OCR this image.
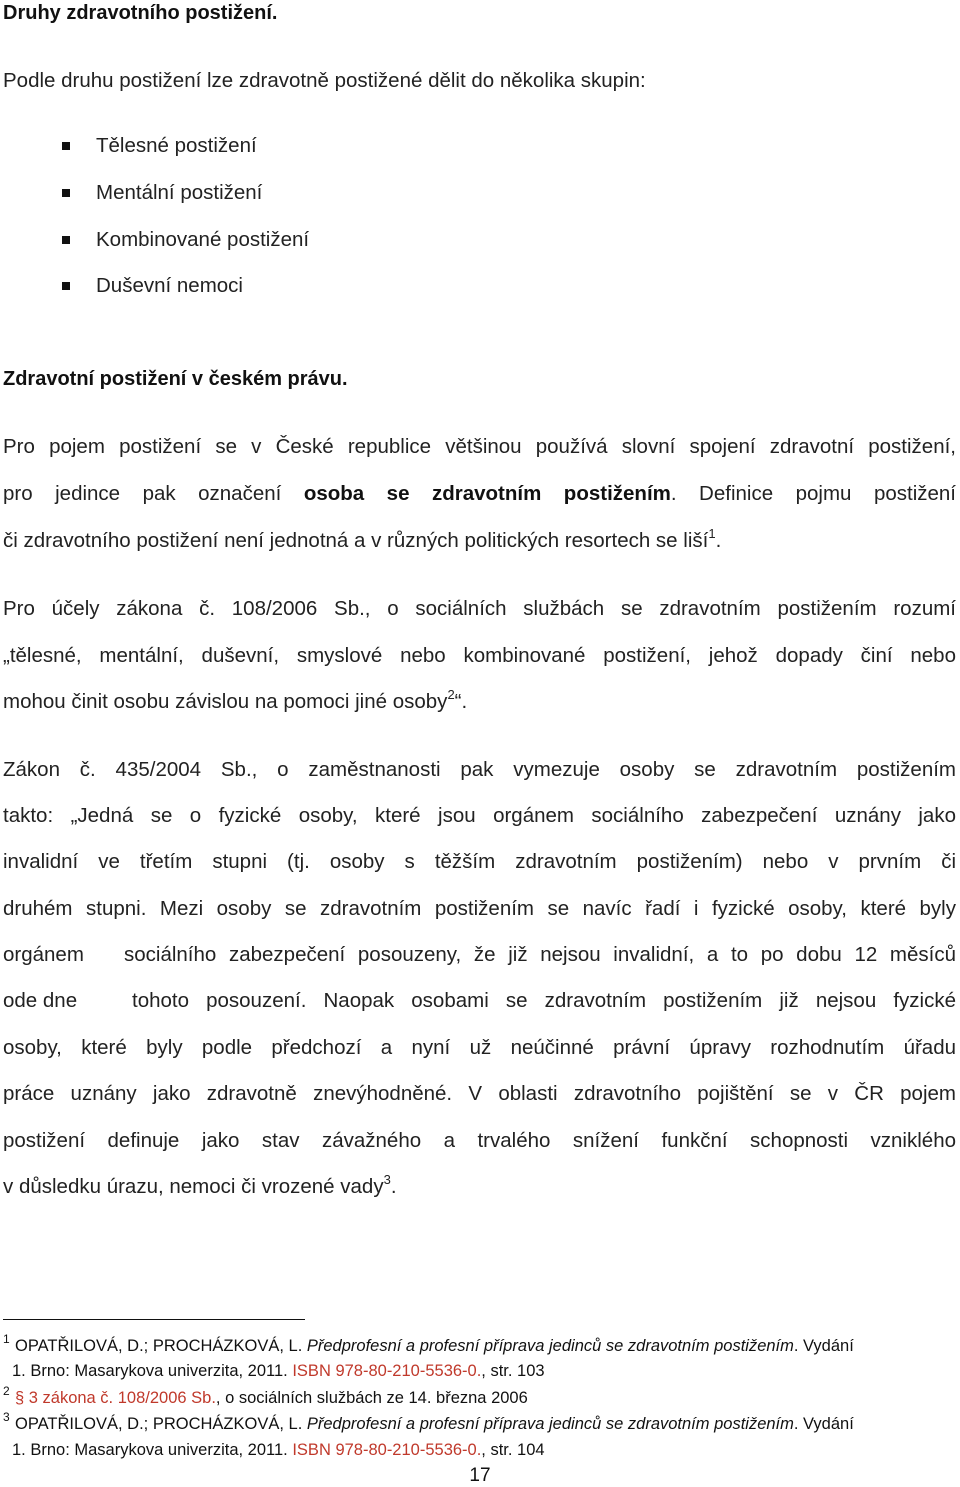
Druhy zdravotního postižení.
Podle druhu postižení lze zdravotně postižené dělit do několika skupin:
Tělesné postižení
Mentální postižení
Kombinované postižení
Duševní nemoci
Zdravotní postižení v českém právu.
Pro pojem postižení se v České republice většinou používá slovní spojení zdravotní postižení,
pro jedince pak označení osoba se zdravotním postižením. Definice pojmu postižení
či zdravotního postižení není jednotná a v různých politických resortech se liší$^1$.
Pro účely zákona č. 108/2006 Sb., o sociálních službách se zdravotním postižením rozumí
„tělesné, mentální, duševní, smyslové nebo kombinované postižení, jehož dopady činí nebo
mohou činit osobu závislou na pomoci jiné osoby$^2$“.
Zákon č. 435/2004 Sb., o zaměstnanosti pak vymezuje osoby se zdravotním postižením
takto: „Jedná se o fyzické osoby, které jsou orgánem sociálního zabezpečení uznány jako
invalidní ve třetím stupni (tj. osoby s těžším zdravotním postižením) nebo v prvním či
druhém stupni. Mezi osoby se zdravotním postižením se navíc řadí i fyzické osoby, které byly
orgánem sociálního zabezpečení posouzeny, že již nejsou invalidní, a to po dobu 12 měsíců
ode dne	tohoto posouzení. Naopak osobami se zdravotním postižením již nejsou fyzické
osoby, které byly podle předchozí a nyní už neúčinné právní úpravy rozhodnutím úřadu
práce uznány jako zdravotně znevýhodněné. V oblasti zdravotního pojištění se v ČR pojem
postižení definuje jako stav závažného a trvalého snížení funkční schopnosti vzniklého
v důsledku úrazu, nemoci či vrozené vady$^3$.
1 OPATŘILOVÁ, D.; PROCHÁZKOVÁ, L. Předprofesní a profesní příprava jedinců se zdravotním postižením. Vydání
1. Brno: Masarykova univerzita, 2011. ISBN 978-80-210-5536-0., str. 103
2 § 3 zákona č. 108/2006 Sb., o sociálních službách ze 14. března 2006
3 OPATŘILOVÁ, D.; PROCHÁZKOVÁ, L. Předprofesní a profesní příprava jedinců se zdravotním postižením. Vydání
1. Brno: Masarykova univerzita, 2011. ISBN 978-80-210-5536-0., str. 104
17
